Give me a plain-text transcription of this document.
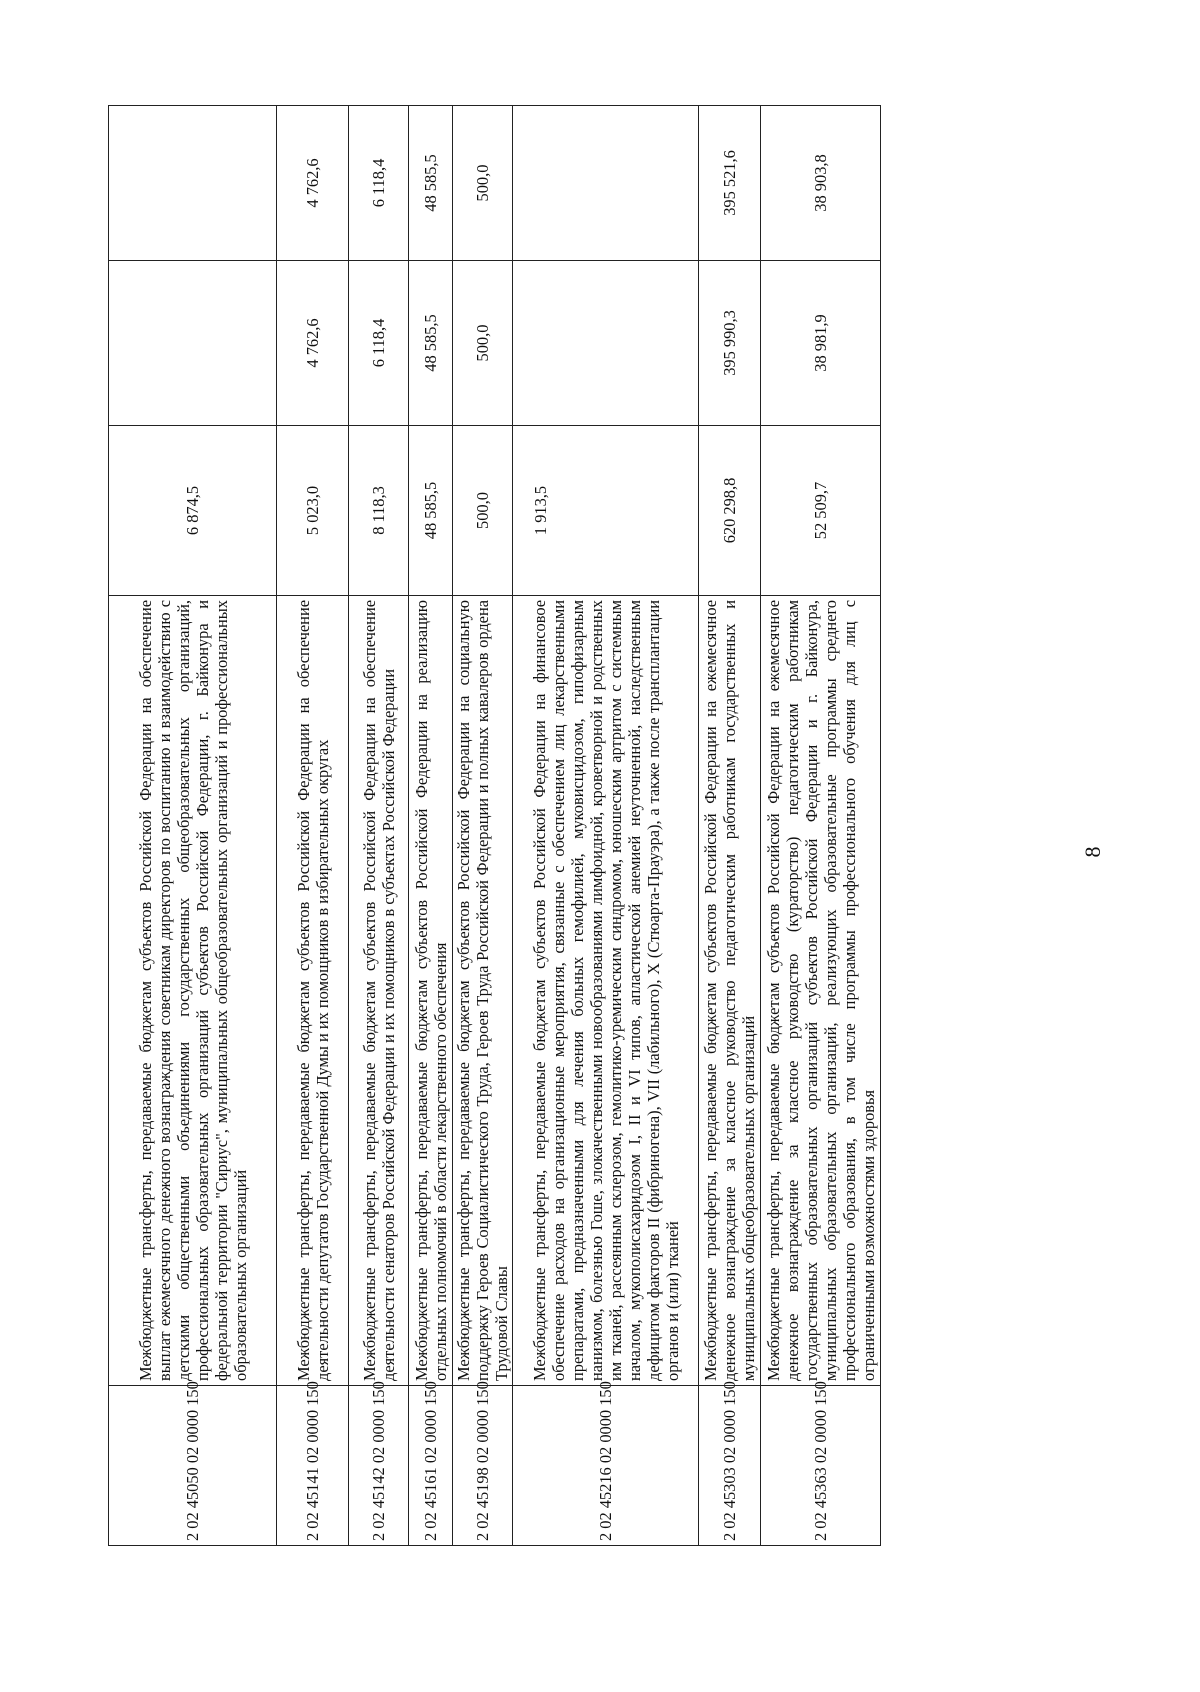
8
2 02 45050 02 0000 150	Межбюджетные трансферты, передаваемые бюджетам субъектов Российской Федерации на обеспечение выплат ежемесячного денежного вознаграждения советникам директоров по воспитанию и взаимодействию с детскими общественными объединениями государственных общеобразовательных организаций, профессиональных образовательных организаций субъектов Российской Федерации, г. Байконура и федеральной территории "Сириус", муниципальных общеобразовательных организаций и профессиональных образовательных организаций	6 874,5		
2 02 45141 02 0000 150	Межбюджетные трансферты, передаваемые бюджетам субъектов Российской Федерации на обеспечение деятельности депутатов Государственной Думы и их помощников в избирательных округах	5 023,0	4 762,6	4 762,6
2 02 45142 02 0000 150	Межбюджетные трансферты, передаваемые бюджетам субъектов Российской Федерации на обеспечение деятельности сенаторов Российской Федерации и их помощников в субъектах Российской Федерации	8 118,3	6 118,4	6 118,4
2 02 45161 02 0000 150	Межбюджетные трансферты, передаваемые бюджетам субъектов Российской Федерации на реализацию отдельных полномочий в области лекарственного обеспечения	48 585,5	48 585,5	48 585,5
2 02 45198 02 0000 150	Межбюджетные трансферты, передаваемые бюджетам субъектов Российской Федерации на социальную поддержку Героев Социалистического Труда, Героев Труда Российской Федерации и полных кавалеров ордена Трудовой Славы	500,0	500,0	500,0
2 02 45216 02 0000 150	Межбюджетные трансферты, передаваемые бюджетам субъектов Российской Федерации на финансовое обеспечение расходов на организационные мероприятия, связанные с обеспечением лиц лекарственными препаратами, предназначенными для лечения больных гемофилией, муковисцидозом, гипофизарным нанизмом, болезнью Гоше, злокачественными новообразованиями лимфоидной, кроветворной и родственных им тканей, рассеянным склерозом, гемолитико-уремическим синдромом, юношеским артритом с системным началом, мукополисахаридозом I, II и VI типов, апластической анемией неуточненной, наследственным дефицитом факторов II (фибриногена), VII (лабильного), X (Стюарта-Прауэра), а также после трансплантации органов и (или) тканей	1 913,5		
2 02 45303 02 0000 150	Межбюджетные трансферты, передаваемые бюджетам субъектов Российской Федерации на ежемесячное денежное вознаграждение за классное руководство педагогическим работникам государственных и муниципальных общеобразовательных организаций	620 298,8	395 990,3	395 521,6
2 02 45363 02 0000 150	Межбюджетные трансферты, передаваемые бюджетам субъектов Российской Федерации на ежемесячное денежное вознаграждение за классное руководство (кураторство) педагогическим работникам государственных образовательных организаций субъектов Российской Федерации и г. Байконура, муниципальных образовательных организаций, реализующих образовательные программы среднего профессионального образования, в том числе программы профессионального обучения для лиц с ограниченными возможностями здоровья	52 509,7	38 981,9	38 903,8
